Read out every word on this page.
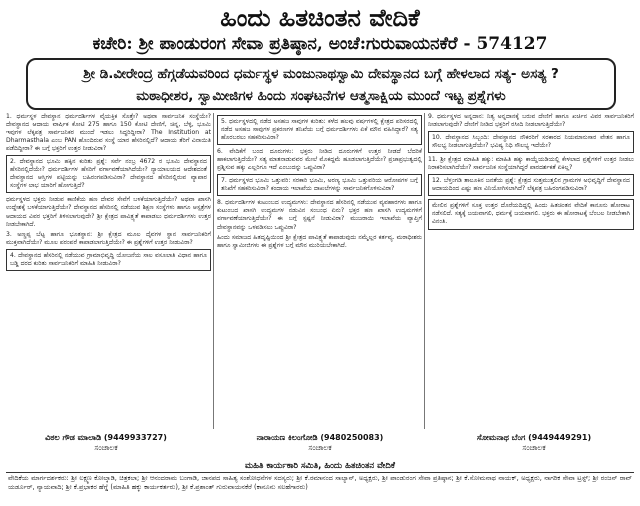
ಹಿಂದು ಹಿತಚಿಂತನ ವೇದಿಕೆ
ಕಚೇರಿ: ಶ್ರೀ ಪಾಂಡುರಂಗ ಸೇವಾ ಪ್ರತಿಷ್ಠಾನ, ಅಂಚೆ:ಗುರುವಾಯನಕೆರೆ - 574127
ಶ್ರೀ ಡಿ.ವೀರೇಂದ್ರ ಹೆಗ್ಗಡೆಯವರಿಂದ ಧರ್ಮಸ್ಥಳ ಮಂಜುನಾಥಸ್ವಾಮಿ ದೇವಸ್ಥಾನದ ಬಗ್ಗೆ ಹೇಳಲಾದ ಸತ್ಯ- ಅಸತ್ಯ ?
ಮಠಾಧೀಶರ, ಸ್ವಾಮೀಜಿಗಳ ಹಿಂದು ಸಂಘಟನೆಗಳ ಆತ್ಮಸಾಕ್ಷಿಯ ಮುಂದೆ ಇಟ್ಟ ಪ್ರಶ್ನೆಗಳು
1. ಧರ್ಮಸ್ಥಳ ದೇವಸ್ಥಾನ ಧರ್ಮದರ್ಶಿಗಳ ವೈಯಕ್ತಿಕ ಸೊತ್ತೇ? ಅಥವಾ ಸಾರ್ವಜನಿಕ ಸಂಸ್ಥೆಯೇ? ದೇವಸ್ಥಾನದ ಆದಾಯ ವಾರ್ಷಿಕ ಕೋಟಿ 275 ಹಾಗೂ 150 ಕೋಟಿ ದೇಣಿಗೆ, ಚಿನ್ನ, ಬೆಳ್ಳಿ, ಭೂಮಿ ಇವುಗಳ ಲೆಕ್ಕಪತ್ರ ಸಾರ್ವಜನಿಕರ ಮುಂದೆ ಇಡಲು ಸಿದ್ಧರಿದ್ದೀರಾ? The Institution at Dharmasthala ಎಂಬ PAN ಹೊಂದಿರುವ ಸಂಸ್ಥೆ ಯಾರ ಹೆಸರಿನಲ್ಲಿದೆ? ಆದಾಯ ತೆರಿಗೆ ವಿನಾಯಿತಿ ಪಡೆದಿದ್ದೀರಾ? ಈ ಬಗ್ಗೆ ಭಕ್ತರಿಗೆ ಉತ್ತರ ನೀಡುವಿರಾ?
2. ದೇವಸ್ಥಾನದ ಭೂಮಿ ಹಕ್ಕಿನ ಕುರಿತು ಪ್ರಶ್ನೆ: ಸರ್ವೆ ನಂಬ್ರ 4672 ರ ಭೂಮಿ ದೇವಸ್ಥಾನದ ಹೆಸರಿನಲ್ಲಿದೆಯೇ? ಧರ್ಮದರ್ಶಿಗಳ ಹೆಸರಿಗೆ ವರ್ಗಾವಣೆಯಾಗಿದೆಯೇ? ನ್ಯಾಯಾಲಯದ ಆದೇಶದಂತೆ ದೇವಸ್ಥಾನದ ಆಸ್ತಿಗಳ ಪಟ್ಟಿಯನ್ನು ಬಹಿರಂಗಪಡಿಸುವಿರಾ? ದೇವಸ್ಥಾನದ ಹೆಸರಿನಲ್ಲಿರುವ ವ್ಯಾಪಾರ ಸಂಸ್ಥೆಗಳ ಲಾಭ ಯಾರಿಗೆ ಹೋಗುತ್ತಿದೆ?
ಧರ್ಮಸ್ಥಳದ ಭಕ್ತರು ನೀಡುವ ಕಾಣಿಕೆಯ ಹಣ ದೇವರ ಸೇವೆಗೆ ಬಳಕೆಯಾಗುತ್ತಿದೆಯೇ? ಅಥವಾ ಖಾಸಗಿ ಉದ್ದೇಶಕ್ಕೆ ಬಳಕೆಯಾಗುತ್ತಿದೆಯೇ? ದೇವಸ್ಥಾನದ ಹೆಸರಿನಲ್ಲಿ ನಡೆಯುವ ಶಿಕ್ಷಣ ಸಂಸ್ಥೆಗಳು ಹಾಗೂ ಆಸ್ಪತ್ರೆಗಳ ಆದಾಯದ ವಿವರ ಭಕ್ತರಿಗೆ ತಿಳಿಸಲಾಗುವುದೇ? ಶ್ರೀ ಕ್ಷೇತ್ರದ ಪಾವಿತ್ರ್ಯತೆ ಕಾಪಾಡಲು ಧರ್ಮದರ್ಶಿಗಳು ಉತ್ತರ ನೀಡಬೇಕಾಗಿದೆ.
3. ಅಣ್ಣಪ್ಪ ಬೆಟ್ಟ ಹಾಗೂ ಭೂತಸ್ಥಾನ: ಶ್ರೀ ಕ್ಷೇತ್ರದ ಮೂಲ ದೈವಗಳ ಸ್ಥಾನ ಸಾರ್ವಜನಿಕರಿಗೆ ಮುಕ್ತವಾಗಿದೆಯೇ? ಮೂಲ ಪರಂಪರೆ ಕಾಪಾಡಲಾಗುತ್ತಿದೆಯೇ? ಈ ಪ್ರಶ್ನೆಗಳಿಗೆ ಉತ್ತರ ನೀಡುವಿರಾ?
4. ದೇವಸ್ಥಾನದ ಹೆಸರಿನಲ್ಲಿ ನಡೆಯುವ ಗ್ರಾಮಾಭಿವೃದ್ಧಿ ಯೋಜನೆಯ ಸಾಲ ವಸೂಲಾತಿ ವಿಧಾನ ಹಾಗೂ ಬಡ್ಡಿ ದರದ ಕುರಿತು ಸಾರ್ವಜನಿಕರಿಗೆ ಮಾಹಿತಿ ನೀಡುವಿರಾ?
5. ಧರ್ಮಸ್ಥಳದಲ್ಲಿ ನಡೆದ ಅಸಹಜ ಸಾವುಗಳ ಕುರಿತು: ಕಳೆದ ಹಲವು ವರ್ಷಗಳಲ್ಲಿ ಕ್ಷೇತ್ರದ ಪರಿಸರದಲ್ಲಿ ನಡೆದ ಅಸಹಜ ಸಾವುಗಳ ಪ್ರಕರಣಗಳ ತನಿಖೆಯ ಬಗ್ಗೆ ಧರ್ಮದರ್ಶಿಗಳು ಏಕೆ ಮೌನ ವಹಿಸಿದ್ದಾರೆ? ಸತ್ಯ ಹೊರಬರಲು ಸಹಕರಿಸುವಿರಾ?
6. ವೇದಿಕೆಗೆ ಬಂದ ದೂರುಗಳು: ಭಕ್ತರು ನೀಡಿದ ದೂರುಗಳಿಗೆ ಉತ್ತರ ನೀಡದೆ ಬೆದರಿಕೆ ಹಾಕಲಾಗುತ್ತಿದೆಯೇ? ಸತ್ಯ ಮಾತನಾಡುವವರ ಮೇಲೆ ಮೊಕದ್ದಮೆ ಹೂಡಲಾಗುತ್ತಿದೆಯೇ? ಪ್ರಜಾಪ್ರಭುತ್ವದಲ್ಲಿ ಪ್ರಶ್ನಿಸುವ ಹಕ್ಕು ಎಲ್ಲರಿಗೂ ಇದೆ ಎಂಬುದನ್ನು ಒಪ್ಪುವಿರಾ?
7. ಧರ್ಮಸ್ಥಳದ ಭೂಮಿ ಒತ್ತುವರಿ: ಸರಕಾರಿ ಭೂಮಿ, ಅರಣ್ಯ ಭೂಮಿ ಒತ್ತುವರಿಯ ಆರೋಪಗಳ ಬಗ್ಗೆ ತನಿಖೆಗೆ ಸಹಕರಿಸುವಿರಾ? ಕಂದಾಯ ಇಲಾಖೆಯ ದಾಖಲೆಗಳನ್ನು ಸಾರ್ವಜನಿಕಗೊಳಿಸುವಿರಾ?
8. ಧರ್ಮದರ್ಶಿಗಳ ಕುಟುಂಬದ ಉದ್ಯಮಗಳು: ದೇವಸ್ಥಾನದ ಹೆಸರಿನಲ್ಲಿ ನಡೆಯುವ ವ್ಯವಹಾರಗಳು ಹಾಗೂ ಕುಟುಂಬದ ಖಾಸಗಿ ಉದ್ಯಮಗಳ ನಡುವಿನ ಸಂಬಂಧ ಏನು? ಭಕ್ತರ ಹಣ ಖಾಸಗಿ ಉದ್ಯಮಗಳಿಗೆ ವರ್ಗಾವಣೆಯಾಗುತ್ತಿದೆಯೇ? ಈ ಬಗ್ಗೆ ಸ್ಪಷ್ಟನೆ ನೀಡುವಿರಾ? ಮುಜರಾಯಿ ಇಲಾಖೆಯ ವ್ಯಾಪ್ತಿಗೆ ದೇವಸ್ಥಾನವನ್ನು ಒಳಪಡಿಸಲು ಒಪ್ಪುವಿರಾ?
ಹಿಂದು ಸಮಾಜದ ಹಿತದೃಷ್ಟಿಯಿಂದ ಶ್ರೀ ಕ್ಷೇತ್ರದ ಪಾವಿತ್ರ್ಯತೆ ಕಾಪಾಡುವುದು ನಮ್ಮೆಲ್ಲರ ಕರ್ತವ್ಯ. ಮಠಾಧೀಶರು ಹಾಗೂ ಸ್ವಾಮೀಜಿಗಳು ಈ ಪ್ರಶ್ನೆಗಳ ಬಗ್ಗೆ ಮೌನ ಮುರಿಯಬೇಕಾಗಿದೆ.
9. ಧರ್ಮಸ್ಥಳದ ಅನ್ನದಾನ: ನಿತ್ಯ ಅನ್ನದಾನಕ್ಕೆ ಬರುವ ದೇಣಿಗೆ ಹಾಗೂ ಖರ್ಚಿನ ವಿವರ ಸಾರ್ವಜನಿಕರಿಗೆ ನೀಡಲಾಗುವುದೇ? ದೇಣಿಗೆ ನೀಡಿದ ಭಕ್ತರಿಗೆ ರಸೀದಿ ನೀಡಲಾಗುತ್ತಿದೆಯೇ?
10. ದೇವಸ್ಥಾನದ ಸಿಬ್ಬಂದಿ: ದೇವಸ್ಥಾನದ ನೌಕರರಿಗೆ ಸರಕಾರದ ನಿಯಮಾನುಸಾರ ವೇತನ ಹಾಗೂ ಸೌಲಭ್ಯ ನೀಡಲಾಗುತ್ತಿದೆಯೇ? ಭವಿಷ್ಯ ನಿಧಿ ಸೌಲಭ್ಯ ಇದೆಯೇ?
11. ಶ್ರೀ ಕ್ಷೇತ್ರದ ಮಾಹಿತಿ ಹಕ್ಕು: ಮಾಹಿತಿ ಹಕ್ಕು ಕಾಯ್ದೆಯಡಿಯಲ್ಲಿ ಕೇಳಲಾದ ಪ್ರಶ್ನೆಗಳಿಗೆ ಉತ್ತರ ನೀಡಲು ನಿರಾಕರಿಸಲಾಗಿದೆಯೇ? ಸಾರ್ವಜನಿಕ ಸಂಸ್ಥೆಯಾಗಿದ್ದರೆ ಪಾರದರ್ಶಕತೆ ಏಕಿಲ್ಲ?
12. ಬೆಳ್ತಂಗಡಿ ತಾಲೂಕಿನ ಜನತೆಯ ಪ್ರಶ್ನೆ: ಕ್ಷೇತ್ರದ ಸುತ್ತಮುತ್ತಲಿನ ಗ್ರಾಮಗಳ ಅಭಿವೃದ್ಧಿಗೆ ದೇವಸ್ಥಾನದ ಆದಾಯದಿಂದ ಎಷ್ಟು ಹಣ ವಿನಿಯೋಗಿಸಲಾಗಿದೆ? ಲೆಕ್ಕಪತ್ರ ಬಹಿರಂಗಪಡಿಸುವಿರಾ?
ಮೇಲಿನ ಪ್ರಶ್ನೆಗಳಿಗೆ ಸೂಕ್ತ ಉತ್ತರ ದೊರೆಯದಿದ್ದಲ್ಲಿ ಹಿಂದು ಹಿತಚಿಂತನ ವೇದಿಕೆ ಕಾನೂನು ಹೋರಾಟ ನಡೆಸಲಿದೆ. ಸತ್ಯಕ್ಕೆ ಜಯವಾಗಲಿ, ಧರ್ಮಕ್ಕೆ ಜಯವಾಗಲಿ. ಭಕ್ತರು ಈ ಹೋರಾಟಕ್ಕೆ ಬೆಂಬಲ ನೀಡಬೇಕಾಗಿ ವಿನಂತಿ.
ವಿಠಲ ಗೌಡ ಮಾಲಾಡಿ (9449933727)
ಸಂಚಾಲಕ
ನಾರಾಯಣ ಕಿಲಂಗೋಡಿ (9480250083)
ಸಂಚಾಲಕ
ಸೋಮನಾಥ ಬೆಂಗ (9449449291)
ಸಂಚಾಲಕ
ಮಹಿತಿ ಕಾರ್ಯಕಾರಿ ಸಮಿತಿ, ಹಿಂದು ಹಿತಚಿಂತನ ವೇದಿಕೆ
ವೇದಿಕೆಯ ಮಾರ್ಗದರ್ಶಕರು: ಶ್ರೀ ಲಕ್ಷ್ಮಣ ಕೋಲ್ಕಾಡಿ, ಚಿತ್ರಕಲಾ; ಶ್ರೀ ಆನಂದರಾಮ ಬಂಗಾಡಿ, ಜಾನಪದ ಸಾಹಿತ್ಯ ಸಂಶೋಧನೆಗಳ ಸದಸ್ಯರು; ಶ್ರೀ ಕೆ.ರಮಾನಂದ ಸಾಲ್ಯಾನ್, ಅಧ್ಯಕ್ಷರು, ಶ್ರೀ ಪಾಂಡುರಂಗ ಸೇವಾ ಪ್ರತಿಷ್ಠಾನ; ಶ್ರೀ ಕೆ.ಸೋಮನಾಥ ನಾಯಕ್, ಅಧ್ಯಕ್ಷರು, ನಾಗರಿಕ ಸೇವಾ ಟ್ರಸ್ಟ್; ಶ್ರೀ ರಂಜನ್ ರಾವ್ ಯರ್ಡೂರ್, ನ್ಯಾಯವಾದಿ; ಶ್ರೀ ಕೆ.ಪ್ರಭಾಕರ ಹೆಗ್ಡೆ (ಮಾಹಿತಿ ಹಕ್ಕು ಕಾರ್ಯಕರ್ತರು), ಶ್ರೀ ಕೆ.ಪ್ರಶಾಂತ್ ಗುರುವಾಯನಕೆರೆ (ಕಾನೂನು ಸಲಹೆಗಾರರು)
